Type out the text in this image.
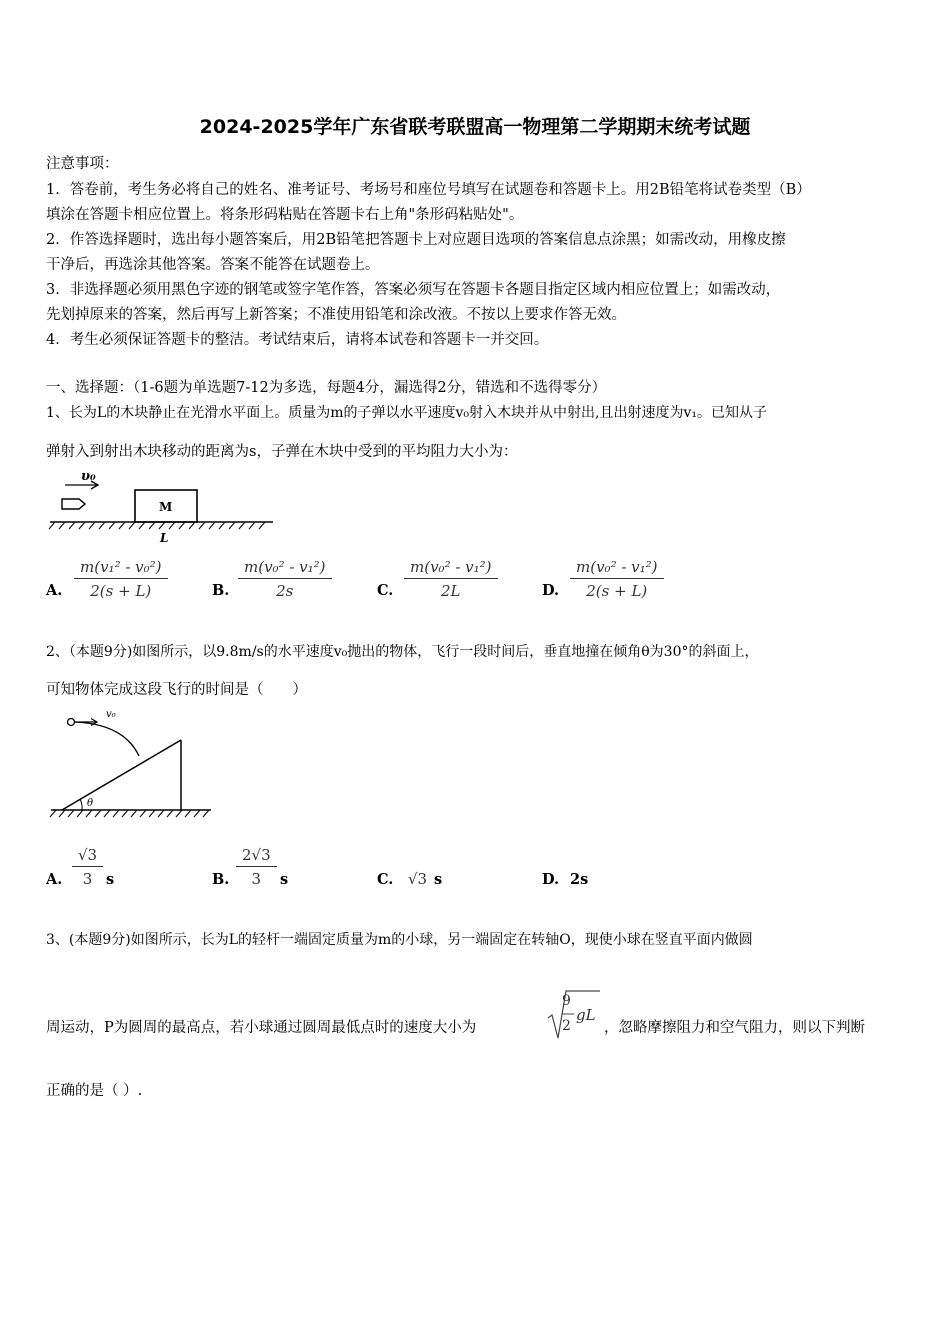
2024-2025学年广东省联考联盟高一物理第二学期期末统考试题
注意事项：
1．答卷前，考生务必将自己的姓名、准考证号、考场号和座位号填写在试题卷和答题卡上。用2B铅笔将试卷类型（B）
填涂在答题卡相应位置上。将条形码粘贴在答题卡右上角"条形码粘贴处"。
2．作答选择题时，选出每小题答案后，用2B铅笔把答题卡上对应题目选项的答案信息点涂黑；如需改动，用橡皮擦
干净后，再选涂其他答案。答案不能答在试题卷上。
3．非选择题必须用黑色字迹的钢笔或签字笔作答，答案必须写在答题卡各题目指定区域内相应位置上；如需改动，
先划掉原来的答案，然后再写上新答案；不准使用铅笔和涂改液。不按以上要求作答无效。
4．考生必须保证答题卡的整洁。考试结束后，请将本试卷和答题卡一并交回。
一、选择题：（1-6题为单选题7-12为多选，每题4分，漏选得2分，错选和不选得零分）
1、长为L的木块静止在光滑水平面上。质量为m的子弹以水平速度v₀射入木块并从中射出,且出射速度为v₁。已知从子
弹射入到射出木块移动的距离为s，子弹在木块中受到的平均阻力大小为：
υ₀
M
L
A. $\frac{\text{m(v₁² - v₀²)}}{2(s + L)}$	B. $\frac{\text{m(v₀² - v₁²)}}{2s}$	C. $\frac{\text{m(v₀² - v₁²)}}{2L}$	D. $\frac{\text{m(v₀² - v₁²)}}{2(s + L)}$
2、（本题9分)如图所示，以9.8m/s的水平速度v₀抛出的物体，飞行一段时间后，垂直地撞在倾角θ为30°的斜面上，
可知物体完成这段飞行的时间是（　　）
v₀
θ
A. $\frac{√3}{3}$ s	B. $\frac{2√3}{3}$ s	C. √3 s	D. 2s
3、(本题9分)如图所示，长为L的轻杆一端固定质量为m的小球，另一端固定在转轴O，现使小球在竖直平面内做圆
周运动，P为圆周的最高点，若小球通过圆周最低点时的速度大小为
9
2
gL
，忽略摩擦阻力和空气阻力，则以下判断
正确的是（ ）.
